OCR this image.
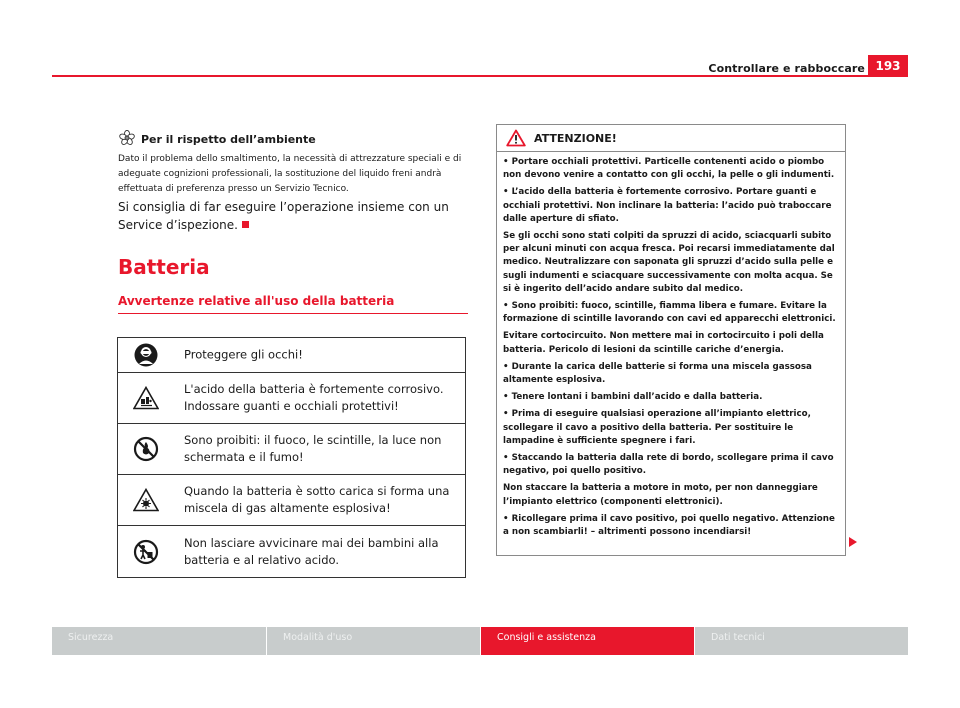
Controllare e rabboccare 193
Per il rispetto dell’ambiente
Dato il problema dello smaltimento, la necessità di attrezzature speciali e di adeguate cognizioni professionali, la sostituzione del liquido freni andrà effettuata di preferenza presso un Servizio Tecnico.
Si consiglia di far eseguire l’operazione insieme con un Service d’ispezione.
Batteria
Avvertenze relative all'uso della batteria
Proteggere gli occhi!
L'acido della batteria è fortemente corrosivo. Indossare guanti e occhiali protettivi!
Sono proibiti: il fuoco, le scintille, la luce non schermata e il fumo!
Quando la batteria è sotto carica si forma una miscela di gas altamente esplosiva!
Non lasciare avvicinare mai dei bambini alla batteria e al relativo acido.
ATTENZIONE!

• Portare occhiali protettivi. Particelle contenenti acido o piombo non devono venire a contatto con gli occhi, la pelle o gli indumenti.

• L’acido della batteria è fortemente corrosivo. Portare guanti e occhiali protettivi. Non inclinare la batteria: l’acido può traboccare dalle aperture di sfiato.

Se gli occhi sono stati colpiti da spruzzi di acido, sciacquarli subito per alcuni minuti con acqua fresca. Poi recarsi immediatamente dal medico. Neutralizzare con saponata gli spruzzi d’acido sulla pelle e sugli indumenti e sciacquare successivamente con molta acqua. Se si è ingerito dell’acido andare subito dal medico.

• Sono proibiti: fuoco, scintille, fiamma libera e fumare. Evitare la formazione di scintille lavorando con cavi ed apparecchi elettronici.

Evitare cortocircuito. Non mettere mai in cortocircuito i poli della batteria. Pericolo di lesioni da scintille cariche d’energia.

• Durante la carica delle batterie si forma una miscela gassosa altamente esplosiva.

• Tenere lontani i bambini dall’acido e dalla batteria.

• Prima di eseguire qualsiasi operazione all’impianto elettrico, scollegare il cavo a positivo della batteria. Per sostituire le lampadine è sufficiente spegnere i fari.

• Staccando la batteria dalla rete di bordo, scollegare prima il cavo negativo, poi quello positivo.

Non staccare la batteria a motore in moto, per non danneggiare l’impianto elettrico (componenti elettronici).

• Ricollegare prima il cavo positivo, poi quello negativo. Attenzione a non scambiarli! – altrimenti possono incendiarsi!

Sicurezza	Modalità d'uso	Consigli e assistenza	Dati tecnici
